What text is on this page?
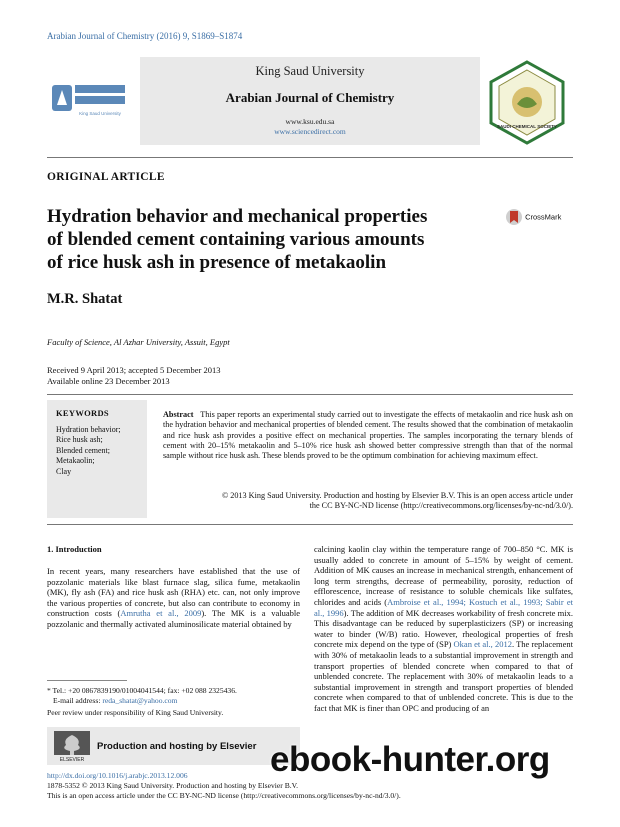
Arabian Journal of Chemistry (2016) 9, S1869–S1874
King Saud University
King Saud University
Arabian Journal of Chemistry
www.ksu.edu.sa
www.sciencedirect.com
SAUDI CHEMICAL SOCIETY
ORIGINAL ARTICLE
Hydration behavior and mechanical properties
of blended cement containing various amounts
of rice husk ash in presence of metakaolin
CrossMark
M.R. Shatat
Faculty of Science, Al Azhar University, Assuit, Egypt
Received 9 April 2013; accepted 5 December 2013
Available online 23 December 2013
KEYWORDS
Hydration behavior;
Rice husk ash;
Blended cement;
Metakaolin;
Clay
Abstract This paper reports an experimental study carried out to investigate the effects of metakaolin and rice husk ash on the hydration behavior and mechanical properties of blended cement. The results showed that the combination of metakaolin and rice husk ash provides a positive effect on mechanical properties. The samples incorporating the ternary blends of cement with 20–15% metakaolin and 5–10% rice husk ash showed better compressive strength than that of the normal sample without rice husk ash. These blends proved to be the optimum combination for achieving maximum effect.
© 2013 King Saud University. Production and hosting by Elsevier B.V. This is an open access article under
the CC BY-NC-ND license (http://creativecommons.org/licenses/by-nc-nd/3.0/).
1. Introduction
In recent years, many researchers have established that the use of pozzolanic materials like blast furnace slag, silica fume, metakaolin (MK), fly ash (FA) and rice husk ash (RHA) etc. can, not only improve the various properties of concrete, but also can contribute to economy in construction costs (Amrutha et al., 2009). The MK is a valuable pozzolanic and thermally activated aluminosilicate material obtained by
calcining kaolin clay within the temperature range of 700–850 °C. MK is usually added to concrete in amount of 5–15% by weight of cement. Addition of MK causes an increase in mechanical strength, enhancement of long term strengths, decrease of permeability, porosity, reduction of efflorescence, increase of resistance to soluble chemicals like sulfates, chlorides and acids (Ambroise et al., 1994; Kostuch et al., 1993; Sabir et al., 1996). The addition of MK decreases workability of fresh concrete mix. This disadvantage can be reduced by superplasticizers (SP) or increasing water to binder (W/B) ratio. However, rheological properties of fresh concrete mix depend on the type of (SP) Okan et al., 2012. The replacement with 30% of metakaolin leads to a substantial improvement in strength and transport properties of blended concrete when compared to that of unblended concrete. The replacement with 30% of metakaolin leads to a substantial improvement in strength and transport properties of blended concrete when compared to that of unblended concrete. This is due to the fact that MK is finer than OPC and producing of an
* Tel.: +20 0867839190/01004041544; fax: +02 088 2325436.
E-mail address: reda_shatat@yahoo.com
Peer review under responsibility of King Saud University.
ELSEVIER
Production and hosting by Elsevier
http://dx.doi.org/10.1016/j.arabjc.2013.12.006
1878-5352 © 2013 King Saud University. Production and hosting by Elsevier B.V.
This is an open access article under the CC BY-NC-ND license (http://creativecommons.org/licenses/by-nc-nd/3.0/).
ebook-hunter.org
